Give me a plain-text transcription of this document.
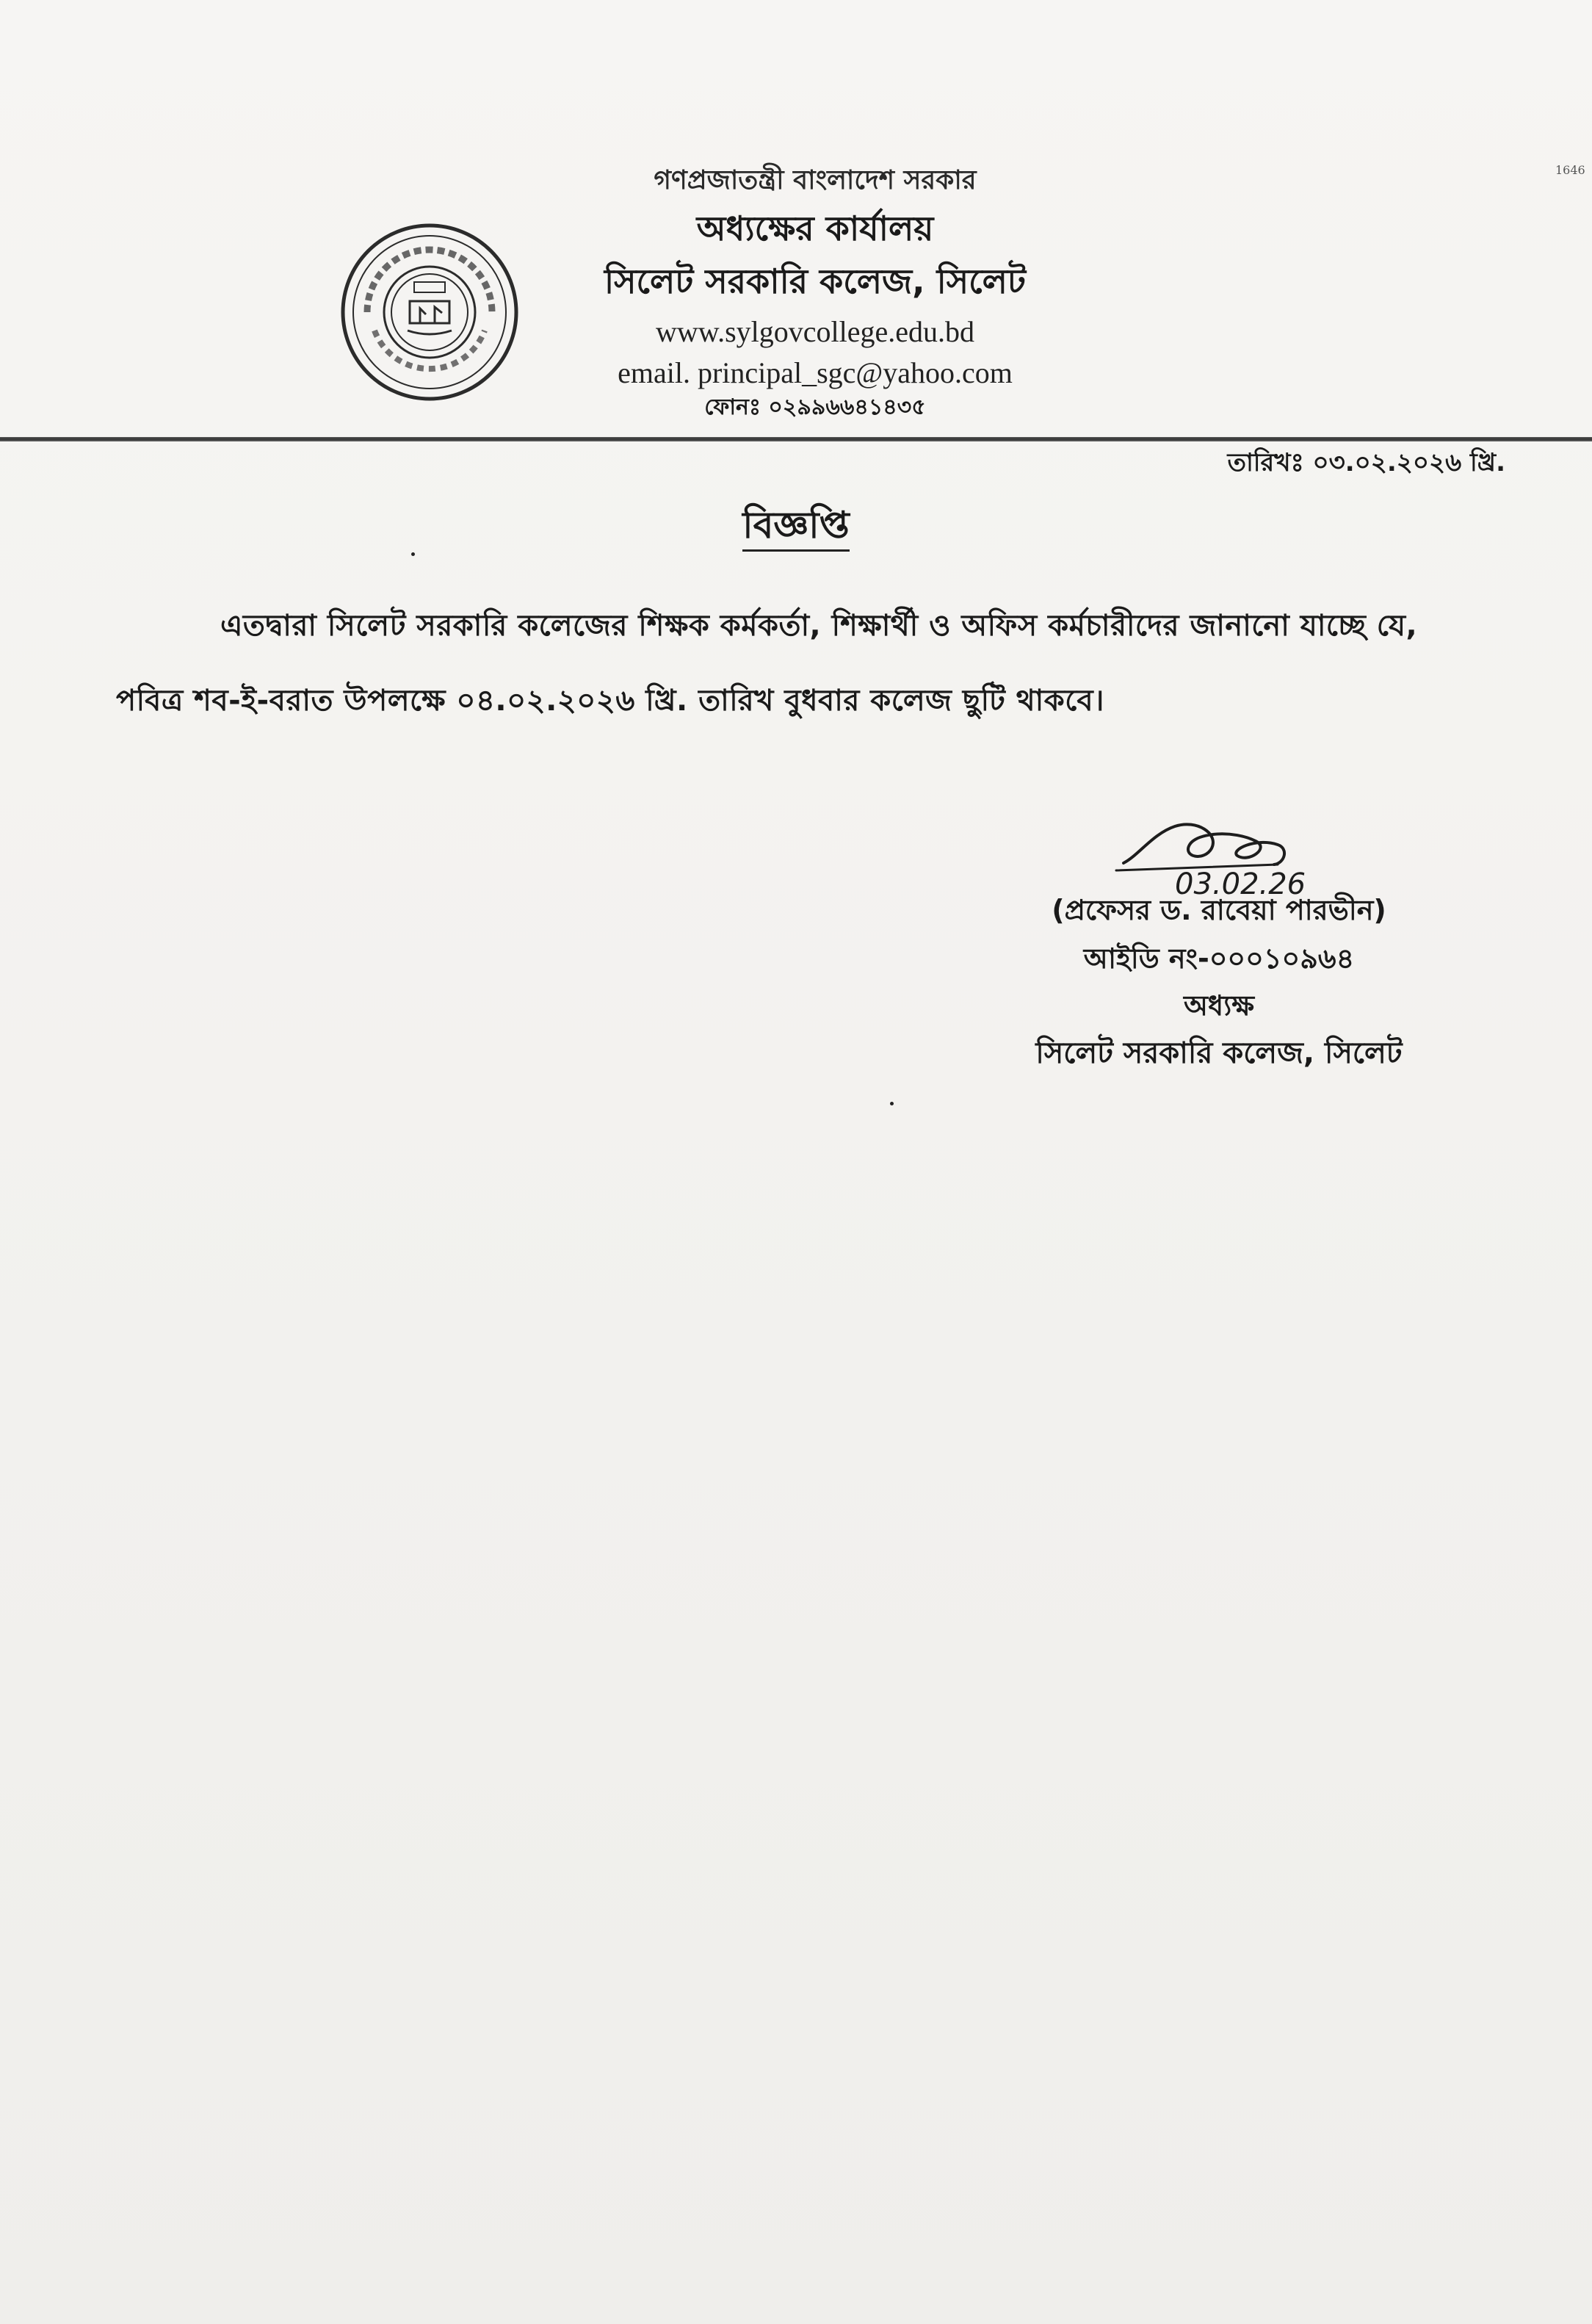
1646

গণপ্রজাতন্ত্রী বাংলাদেশ সরকার

অধ্যক্ষের কার্যালয়

সিলেট সরকারি কলেজ, সিলেট

www.sylgovcollege.edu.bd

email. principal_sgc@yahoo.com

ফোনঃ ০২৯৯৬৬৪১৪৩৫

তারিখঃ ০৩.০২.২০২৬ খ্রি.
বিজ্ঞপ্তি
এতদ্বারা সিলেট সরকারি কলেজের শিক্ষক কর্মকর্তা, শিক্ষার্থী ও অফিস কর্মচারীদের জানানো যাচ্ছে যে,
পবিত্র শব-ই-বরাত উপলক্ষে ০৪.০২.২০২৬ খ্রি. তারিখ বুধবার কলেজ ছুটি থাকবে।
03.02.26

(প্রফেসর ড. রাবেয়া পারভীন)

আইডি নং-০০০১০৯৬৪

অধ্যক্ষ

সিলেট সরকারি কলেজ, সিলেট
